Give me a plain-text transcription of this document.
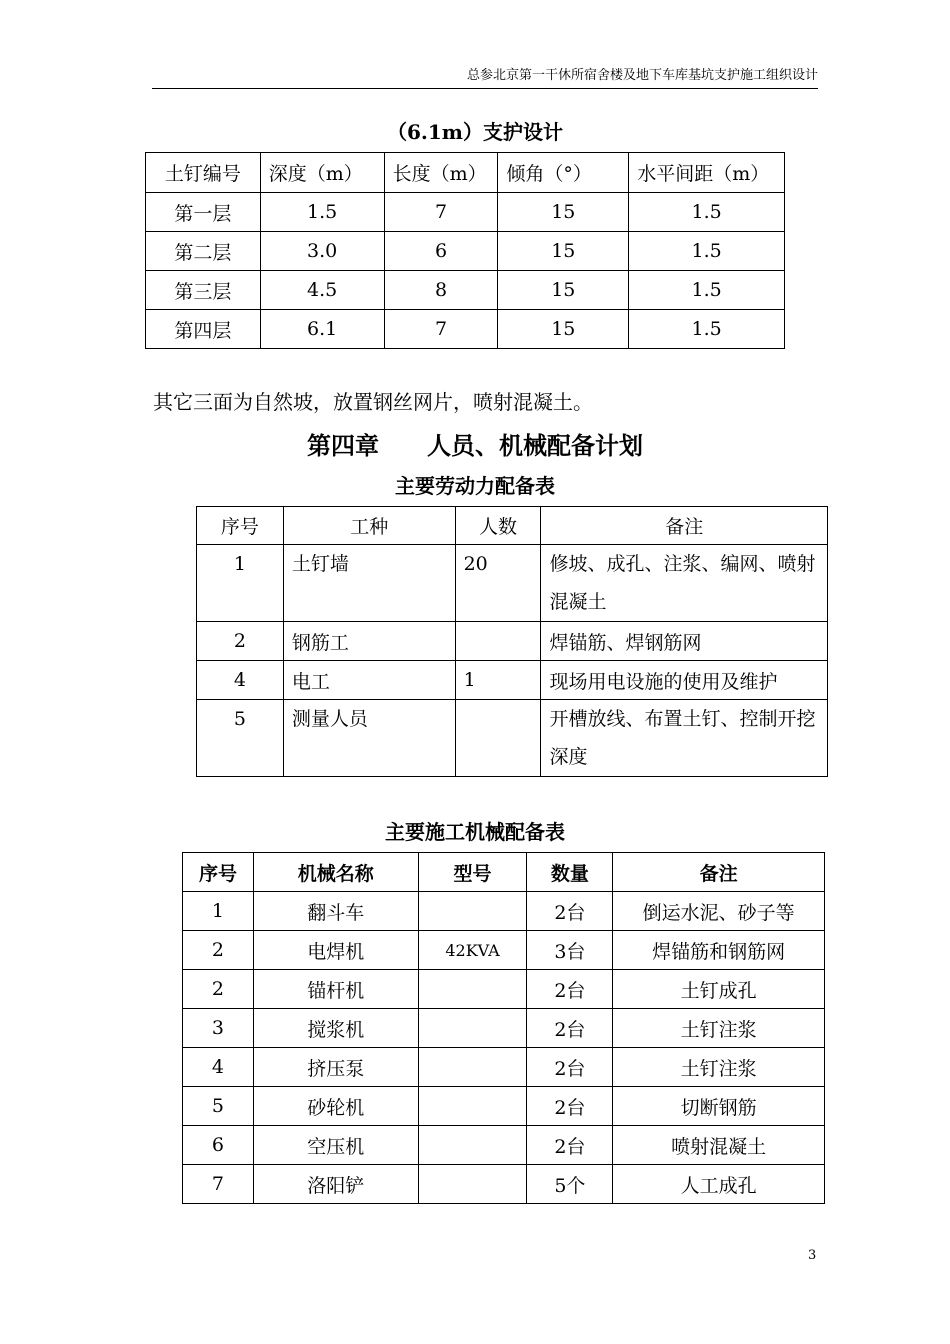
总参北京第一干休所宿舍楼及地下车库基坑支护施工组织设计
（6.1m）支护设计
土钉编号	深度（m）	长度（m）	倾角（°）	水平间距（m）
第一层	1.5	7	15	1.5
第二层	3.0	6	15	1.5
第三层	4.5	8	15	1.5
第四层	6.1	7	15	1.5
其它三面为自然坡，放置钢丝网片，喷射混凝土。
第四章　　人员、机械配备计划
主要劳动力配备表
序号	工种	人数	备注
1	土钉墙	20	修坡、成孔、注浆、编网、喷射混凝土
2	钢筋工		焊锚筋、焊钢筋网
4	电工	1	现场用电设施的使用及维护
5	测量人员		开槽放线、布置土钉、控制开挖深度
主要施工机械配备表
序号	机械名称	型号	数量	备注
1	翻斗车		2台	倒运水泥、砂子等
2	电焊机	42KVA	3台	焊锚筋和钢筋网
2	锚杆机		2台	土钉成孔
3	搅浆机		2台	土钉注浆
4	挤压泵		2台	土钉注浆
5	砂轮机		2台	切断钢筋
6	空压机		2台	喷射混凝土
7	洛阳铲		5个	人工成孔
3
